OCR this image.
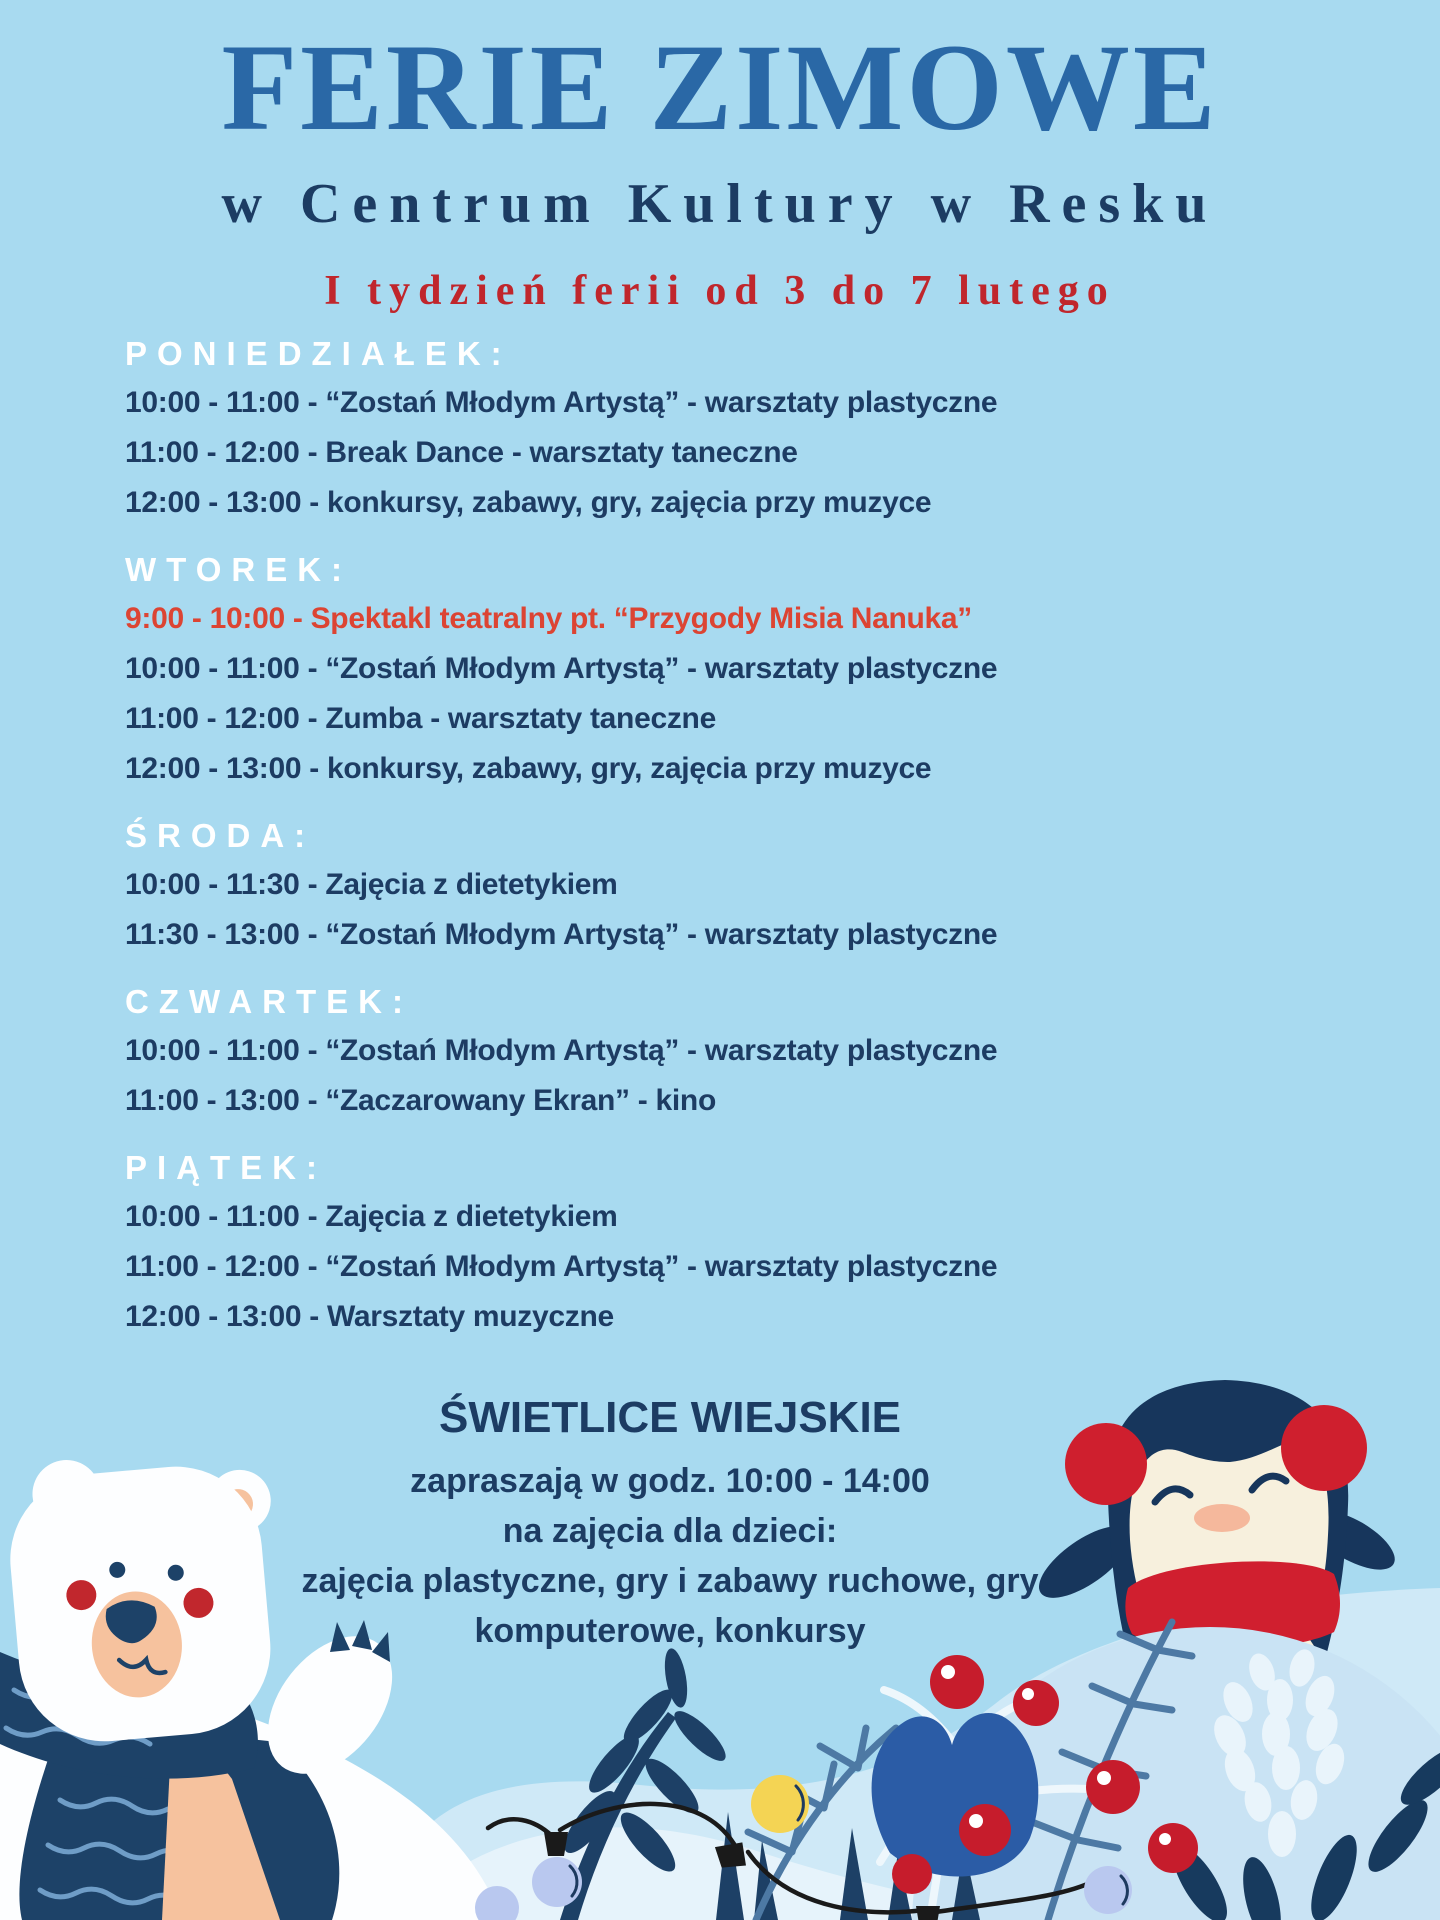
FERIE ZIMOWE
w Centrum Kultury w Resku
I tydzień ferii od 3 do 7 lutego
PONIEDZIAŁEK:
10:00 - 11:00 - “Zostań Młodym Artystą” - warsztaty plastyczne
11:00 - 12:00 - Break Dance - warsztaty taneczne
12:00 - 13:00 - konkursy, zabawy, gry, zajęcia przy muzyce
WTOREK:
9:00 - 10:00 - Spektakl teatralny pt. “Przygody Misia Nanuka”
10:00 - 11:00 - “Zostań Młodym Artystą” - warsztaty plastyczne
11:00 - 12:00 - Zumba - warsztaty taneczne
12:00 - 13:00 - konkursy, zabawy, gry, zajęcia przy muzyce
ŚRODA:
10:00 - 11:30 - Zajęcia z dietetykiem
11:30 - 13:00 - “Zostań Młodym Artystą” - warsztaty plastyczne
CZWARTEK:
10:00 - 11:00 - “Zostań Młodym Artystą” - warsztaty plastyczne
11:00 - 13:00 - “Zaczarowany Ekran” - kino
PIĄTEK:
10:00 - 11:00 - Zajęcia z dietetykiem
11:00 - 12:00 - “Zostań Młodym Artystą” - warsztaty plastyczne
12:00 - 13:00 - Warsztaty muzyczne
ŚWIETLICE WIEJSKIE
zapraszają w godz. 10:00 - 14:00
na zajęcia dla dzieci:
zajęcia plastyczne, gry i zabawy ruchowe, gry
komputerowe, konkursy
